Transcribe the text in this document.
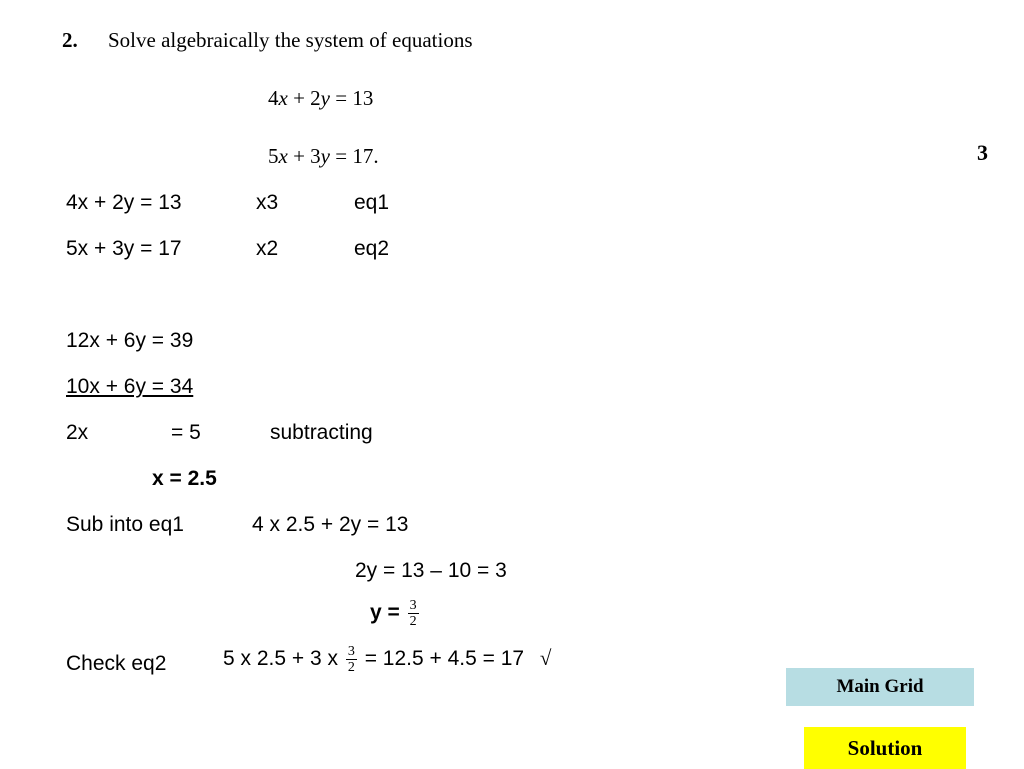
2. Solve algebraically the system of equations
4x + 2y = 13
5x + 3y = 17.	3
4x + 2y = 13	x3	eq1
5x + 3y = 17	x2	eq2
12x + 6y = 39
10x + 6y = 34
2x	= 5	subtracting
x = 2.5
Sub into eq1	4 x 2.5 + 2y = 13
2y = 13 – 10 = 3
$y = \frac{3}{2}$
Check eq2	5 x 2.5 + 3 x $\frac{3}{2} = 12.5 + 4.5 = 17$ √
Main Grid
Solution
